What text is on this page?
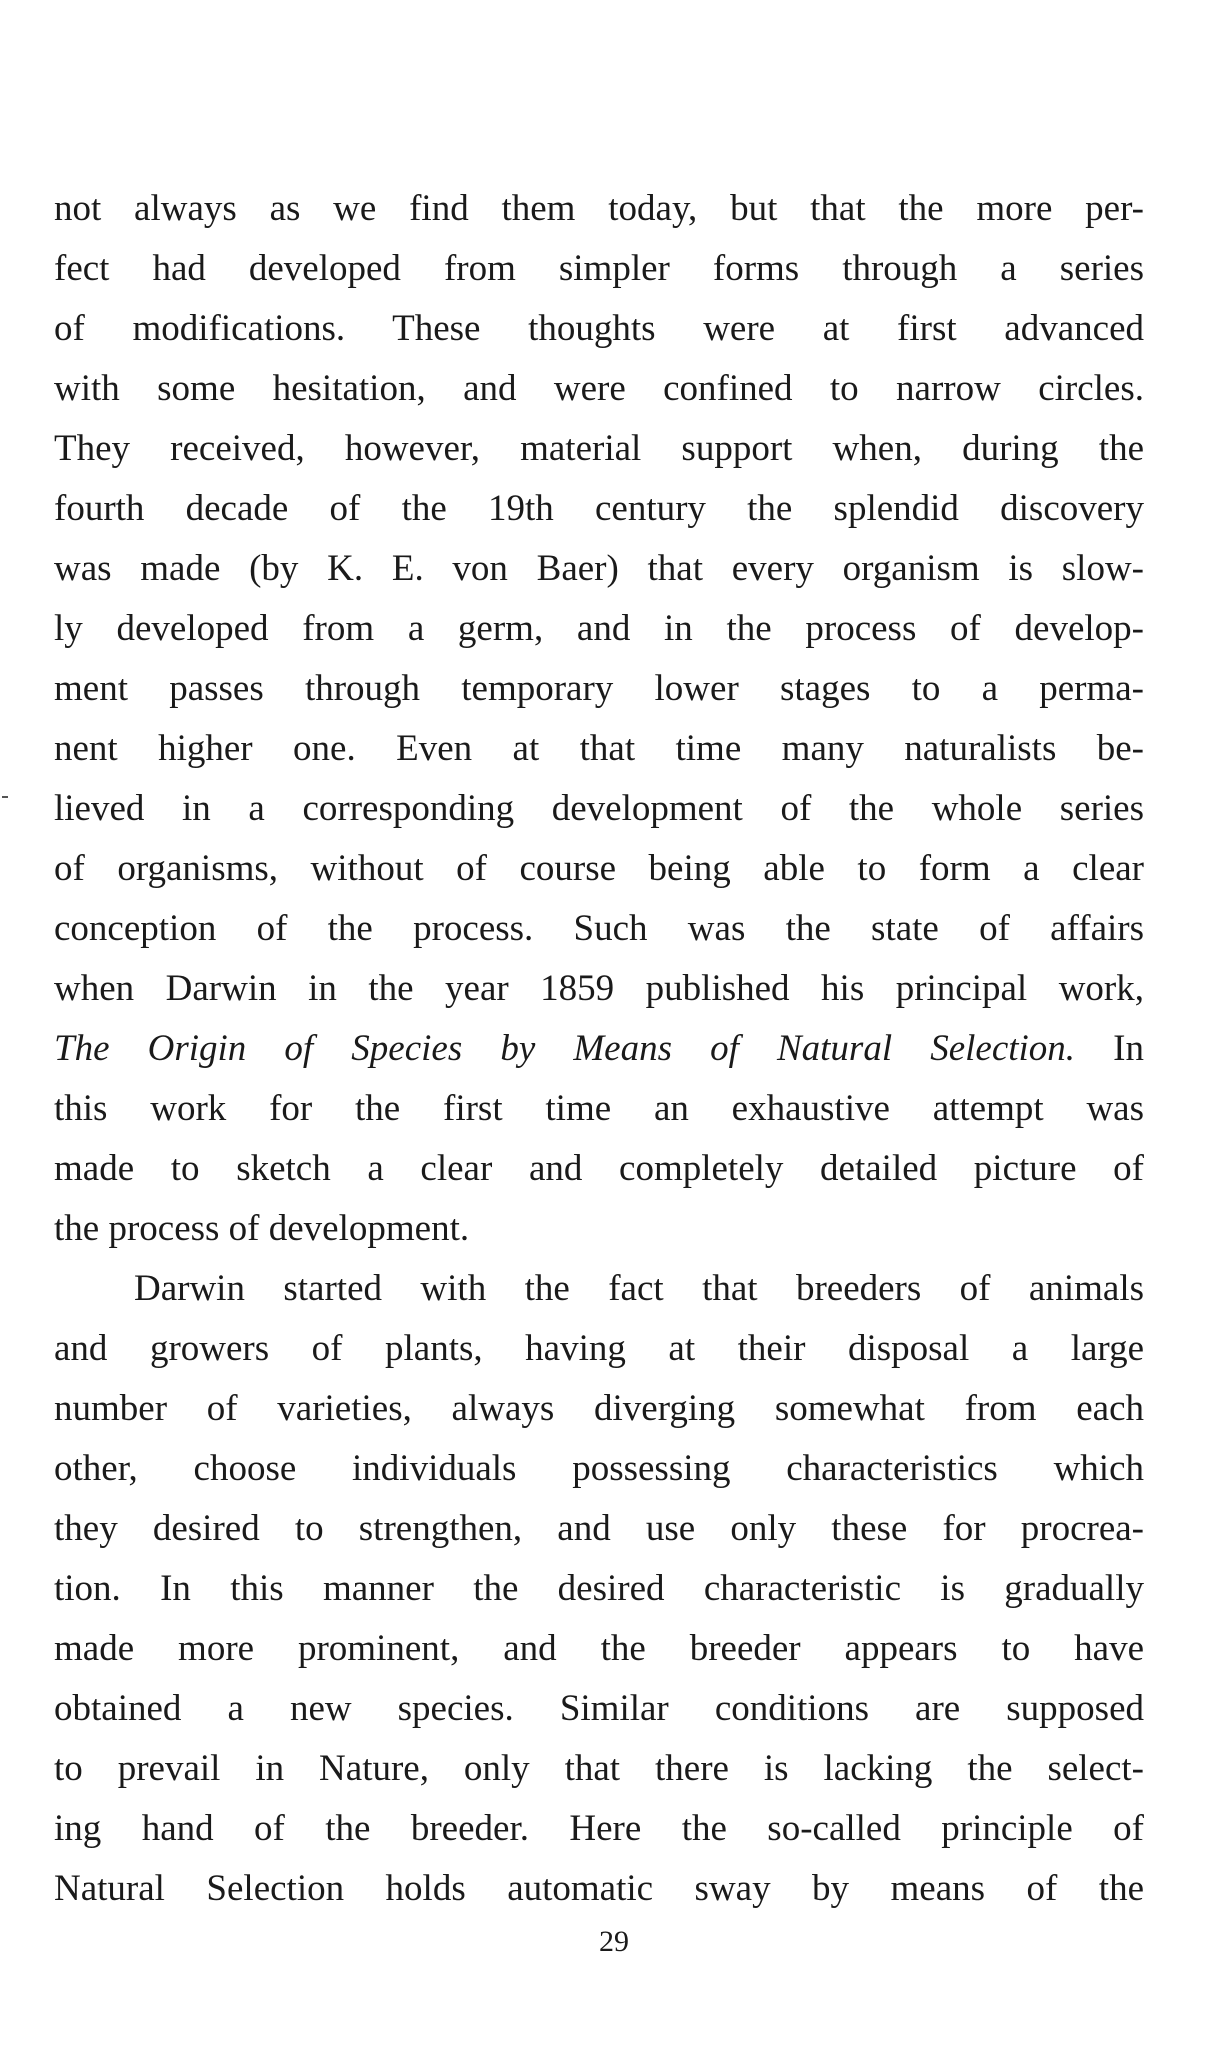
not always as we find them today, but that the more per-
fect had developed from simpler forms through a series
of modifications. These thoughts were at first advanced
with some hesitation, and were confined to narrow circles.
They received, however, material support when, during the
fourth decade of the 19th century the splendid discovery
was made (by K. E. von Baer) that every organism is slow-
ly developed from a germ, and in the process of develop-
ment passes through temporary lower stages to a perma-
nent higher one. Even at that time many naturalists be-
lieved in a corresponding development of the whole series
of organisms, without of course being able to form a clear
conception of the process. Such was the state of affairs
when Darwin in the year 1859 published his principal work,
The Origin of Species by Means of Natural Selection. In
this work for the first time an exhaustive attempt was
made to sketch a clear and completely detailed picture of
the process of development.
Darwin started with the fact that breeders of animals
and growers of plants, having at their disposal a large
number of varieties, always diverging somewhat from each
other, choose individuals possessing characteristics which
they desired to strengthen, and use only these for procrea-
tion. In this manner the desired characteristic is gradually
made more prominent, and the breeder appears to have
obtained a new species. Similar conditions are supposed
to prevail in Nature, only that there is lacking the select-
ing hand of the breeder. Here the so-called principle of
Natural Selection holds automatic sway by means of the
29
